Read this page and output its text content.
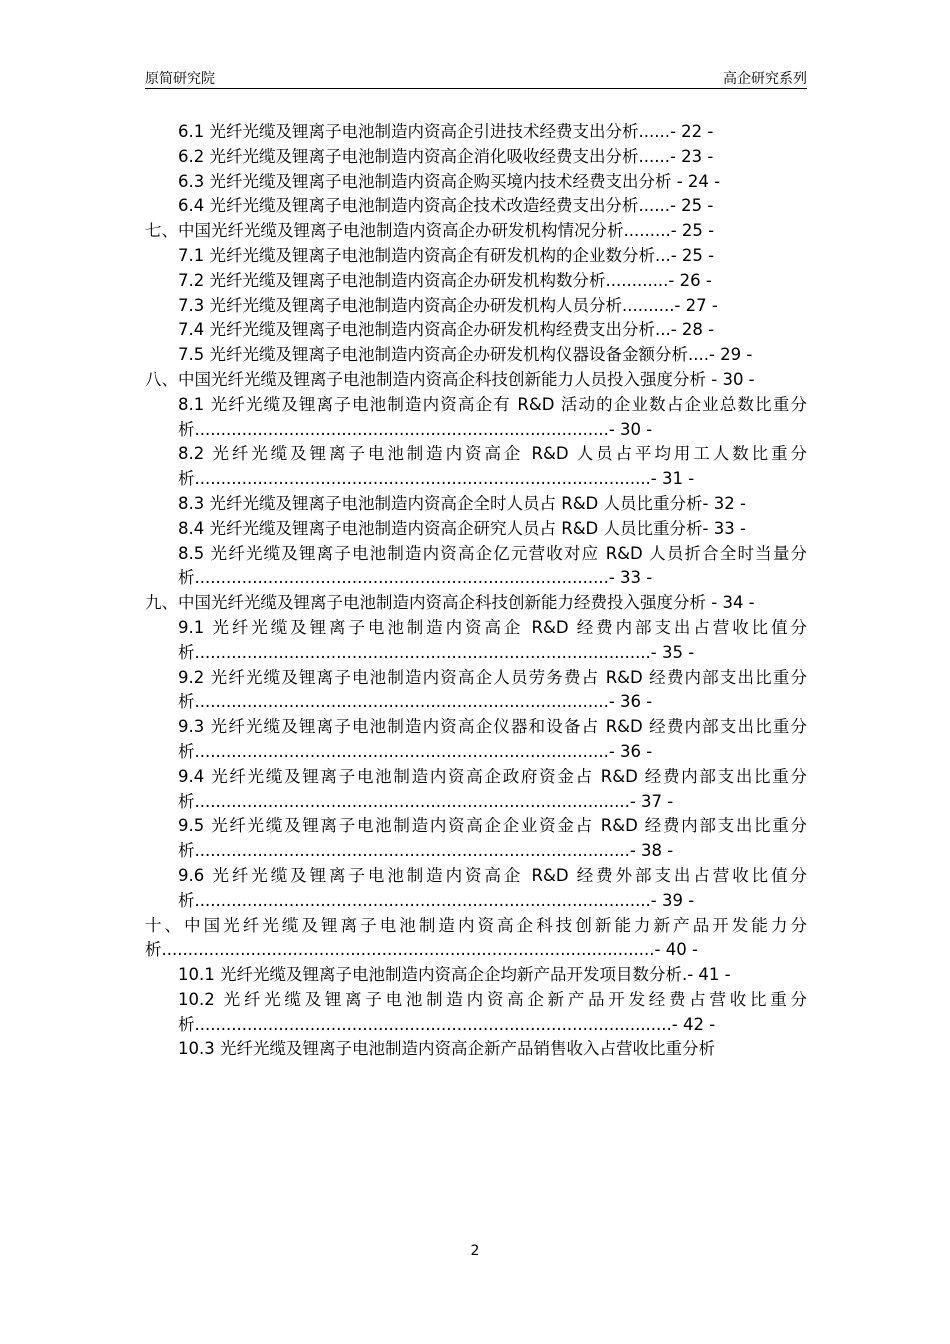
原简研究院	高企研究系列
6.1 光纤光缆及锂离子电池制造内资高企引进技术经费支出分析......- 22 -
6.2 光纤光缆及锂离子电池制造内资高企消化吸收经费支出分析......- 23 -
6.3 光纤光缆及锂离子电池制造内资高企购买境内技术经费支出分析 - 24 -
6.4 光纤光缆及锂离子电池制造内资高企技术改造经费支出分析......- 25 -
七、中国光纤光缆及锂离子电池制造内资高企办研发机构情况分析.........- 25 -
7.1 光纤光缆及锂离子电池制造内资高企有研发机构的企业数分析...- 25 -
7.2 光纤光缆及锂离子电池制造内资高企办研发机构数分析............- 26 -
7.3 光纤光缆及锂离子电池制造内资高企办研发机构人员分析..........- 27 -
7.4 光纤光缆及锂离子电池制造内资高企办研发机构经费支出分析...- 28 -
7.5 光纤光缆及锂离子电池制造内资高企办研发机构仪器设备金额分析....- 29 -
八、中国光纤光缆及锂离子电池制造内资高企科技创新能力人员投入强度分析 - 30 -
8.1 光纤光缆及锂离子电池制造内资高企有 R&D 活动的企业数占企业总数比重分析...............................................................................- 30 -
8.2 光纤光缆及锂离子电池制造内资高企 R&D 人员占平均用工人数比重分析.......................................................................................- 31 -
8.3 光纤光缆及锂离子电池制造内资高企全时人员占 R&D 人员比重分析- 32 -
8.4 光纤光缆及锂离子电池制造内资高企研究人员占 R&D 人员比重分析- 33 -
8.5 光纤光缆及锂离子电池制造内资高企亿元营收对应 R&D 人员折合全时当量分析...............................................................................- 33 -
九、中国光纤光缆及锂离子电池制造内资高企科技创新能力经费投入强度分析 - 34 -
9.1 光纤光缆及锂离子电池制造内资高企 R&D 经费内部支出占营收比值分析.......................................................................................- 35 -
9.2 光纤光缆及锂离子电池制造内资高企人员劳务费占 R&D 经费内部支出比重分析...............................................................................- 36 -
9.3 光纤光缆及锂离子电池制造内资高企仪器和设备占 R&D 经费内部支出比重分析...............................................................................- 36 -
9.4 光纤光缆及锂离子电池制造内资高企政府资金占 R&D 经费内部支出比重分析...................................................................................- 37 -
9.5 光纤光缆及锂离子电池制造内资高企企业资金占 R&D 经费内部支出比重分析...................................................................................- 38 -
9.6 光纤光缆及锂离子电池制造内资高企 R&D 经费外部支出占营收比值分析.......................................................................................- 39 -
十、中国光纤光缆及锂离子电池制造内资高企科技创新能力新产品开发能力分析..............................................................................................- 40 -
10.1 光纤光缆及锂离子电池制造内资高企企均新产品开发项目数分析.- 41 -
10.2 光纤光缆及锂离子电池制造内资高企新产品开发经费占营收比重分析...........................................................................................- 42 -
10.3 光纤光缆及锂离子电池制造内资高企新产品销售收入占营收比重分析
2
